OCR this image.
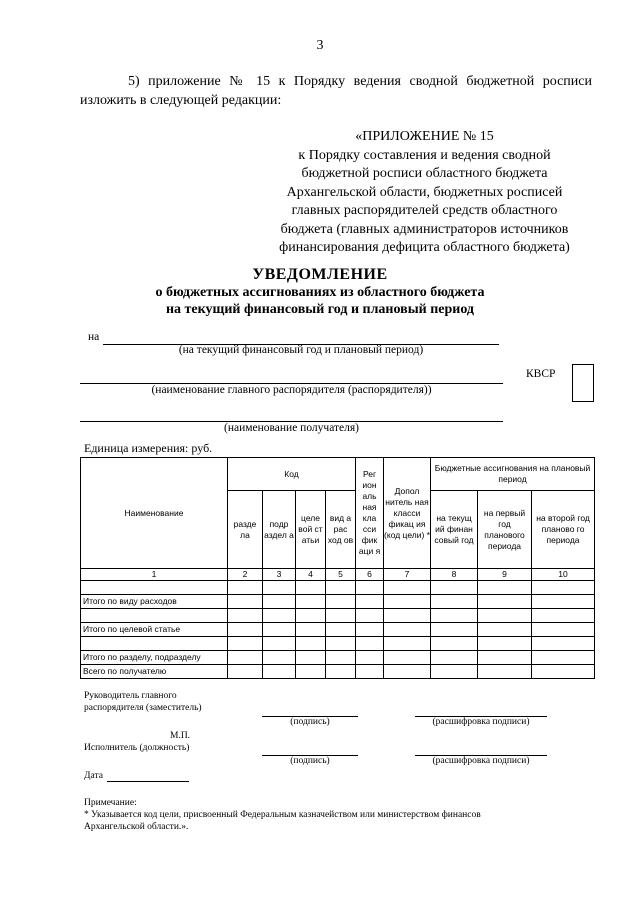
3
5) приложение № 15 к Порядку ведения сводной бюджетной росписи
изложить в следующей редакции:
«ПРИЛОЖЕНИЕ № 15
к Порядку составления и ведения сводной
бюджетной росписи областного бюджета
Архангельской области, бюджетных росписей
главных распорядителей средств областного
бюджета (главных администраторов источников
финансирования дефицита областного бюджета)
УВЕДОМЛЕНИЕ
о бюджетных ассигнованиях из областного бюджета
на текущий финансовый год и плановый период
на
(на текущий финансовый год и плановый период)
(наименование главного распорядителя (распорядителя))
КВСР
(наименование получателя)
Единица измерения: руб.
Наименование	Код				Рег ион аль ная кла сси фик аци я	Допол нитель ная класси фикац ия (код цели) *	Бюджетные ассигнования на плановый период		
	разде ла	подр аздел а	целе вой ст атьи	вид а рас ход ов			на текущ ий финан совый год	на первый год планового периода	на второй год планово го периода
1	2	3	4	5	6	7	8	9	10

Итого по виду расходов									

Итого по целевой статье									

Итого по разделу, подразделу									
Всего по получателю									
Руководитель главного
распорядителя (заместитель)
(подпись)	(расшифровка подписи)
М.П.
Исполнитель (должность)
(подпись)	(расшифровка подписи)
Дата
Примечание:
* Указывается код цели, присвоенный Федеральным казначейством или министерством финансов
Архангельской области.».
